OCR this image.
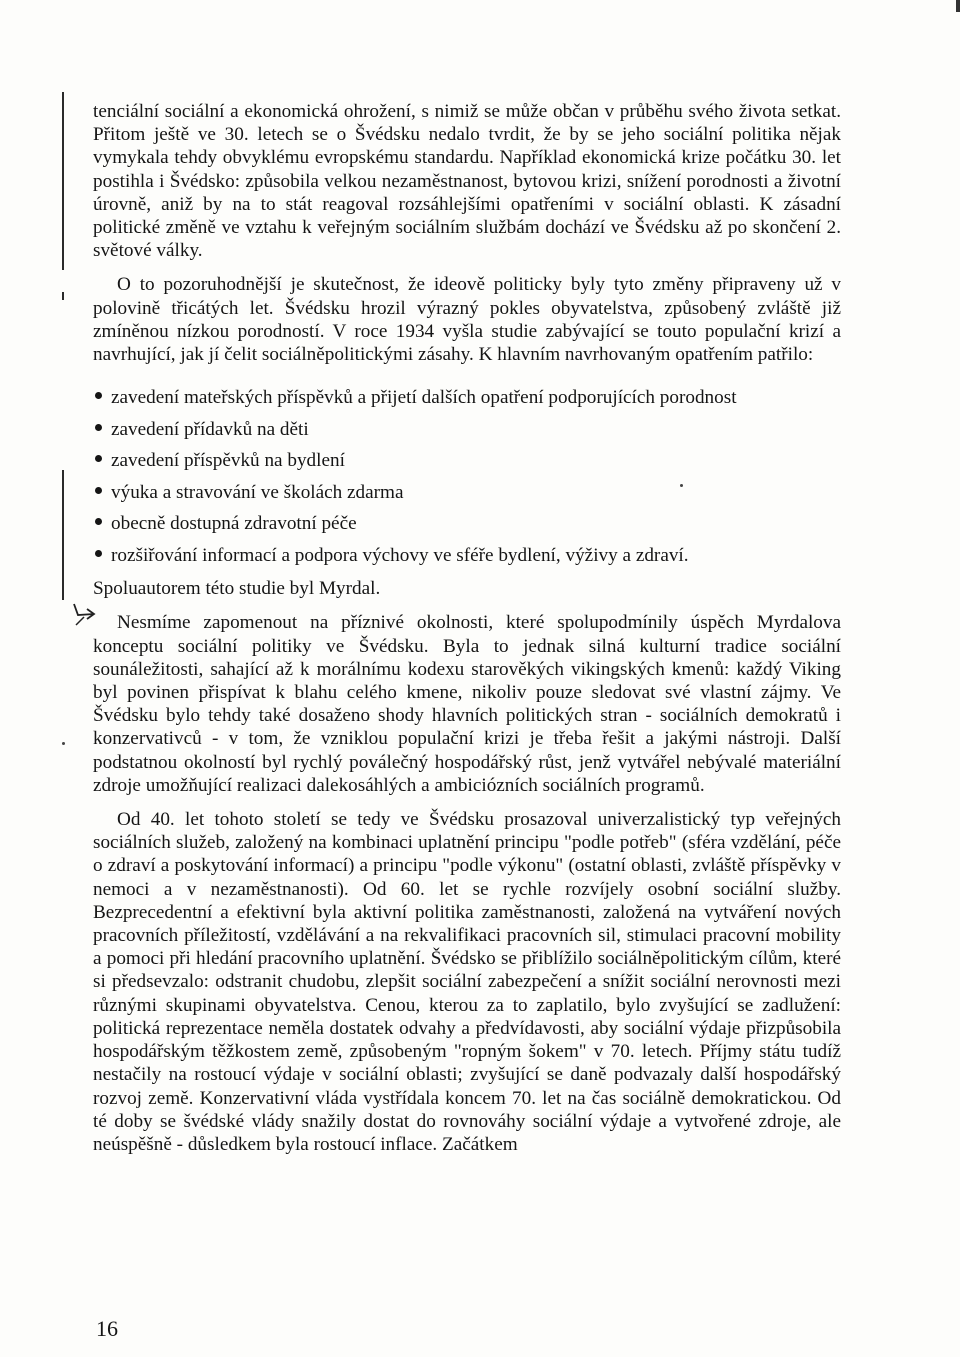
tenciální sociální a ekonomická ohrožení, s nimiž se může občan v průběhu svého života setkat. Přitom ještě ve 30. letech se o Švédsku nedalo tvrdit, že by se jeho sociální politika nějak vymykala tehdy obvyklému evropskému standardu. Například ekonomická krize počátku 30. let postihla i Švédsko: způsobila velkou nezaměstnanost, bytovou krizi, snížení porodnosti a životní úrovně, aniž by na to stát reagoval rozsáhlejšími opatřeními v sociální oblasti. K zásadní politické změně ve vztahu k veřejným sociálním službám dochází ve Švédsku až po skončení 2. světové války.

O to pozoruhodnější je skutečnost, že ideově politicky byly tyto změny připraveny už v polovině třicátých let. Švédsku hrozil výrazný pokles obyvatelstva, způsobený zvláště již zmíněnou nízkou porodností. V roce 1934 vyšla studie zabývající se touto populační krizí a navrhující, jak jí čelit sociálněpolitickými zásahy. K hlavním navrhovaným opatřením patřilo:

zavedení mateřských příspěvků a přijetí dalších opatření podporujících porodnost
zavedení přídavků na děti
zavedení příspěvků na bydlení
výuka a stravování ve školách zdarma
obecně dostupná zdravotní péče
rozšiřování informací a podpora výchovy ve sféře bydlení, výživy a zdraví.

Spoluautorem této studie byl Myrdal.

Nesmíme zapomenout na příznivé okolnosti, které spolupodmínily úspěch Myrdalova konceptu sociální politiky ve Švédsku. Byla to jednak silná kulturní tradice sociální sounáležitosti, sahající až k morálnímu kodexu starověkých vikingských kmenů: každý Viking byl povinen přispívat k blahu celého kmene, nikoliv pouze sledovat své vlastní zájmy. Ve Švédsku bylo tehdy také dosaženo shody hlavních politických stran - sociálních demokratů i konzervativců - v tom, že vzniklou populační krizi je třeba řešit a jakými nástroji. Další podstatnou okolností byl rychlý poválečný hospodářský růst, jenž vytvářel nebývalé materiální zdroje umožňující realizaci dalekosáhlých a ambiciózních sociálních programů.

Od 40. let tohoto století se tedy ve Švédsku prosazoval univerzalistický typ veřejných sociálních služeb, založený na kombinaci uplatnění principu "podle potřeb" (sféra vzdělání, péče o zdraví a poskytování informací) a principu "podle výkonu" (ostatní oblasti, zvláště příspěvky v nemoci a v nezaměstnanosti). Od 60. let se rychle rozvíjely osobní sociální služby. Bezprecedentní a efektivní byla aktivní politika zaměstnanosti, založená na vytváření nových pracovních příležitostí, vzdělávání a na rekvalifikaci pracovních sil, stimulaci pracovní mobility a pomoci při hledání pracovního uplatnění. Švédsko se přiblížilo sociálněpolitickým cílům, které si předsevzalo: odstranit chudobu, zlepšit sociální zabezpečení a snížit sociální nerovnosti mezi různými skupinami obyvatelstva. Cenou, kterou za to zaplatilo, bylo zvyšující se zadlužení: politická reprezentace neměla dostatek odvahy a předvídavosti, aby sociální výdaje přizpůsobila hospodářským těžkostem země, způsobeným "ropným šokem" v 70. letech. Příjmy státu tudíž nestačily na rostoucí výdaje v sociální oblasti; zvyšující se daně podvazaly další hospodářský rozvoj země. Konzervativní vláda vystřídala koncem 70. let na čas sociálně demokratickou. Od té doby se švédské vlády snažily dostat do rovnováhy sociální výdaje a vytvořené zdroje, ale neúspěšně - důsledkem byla rostoucí inflace. Začátkem

16
